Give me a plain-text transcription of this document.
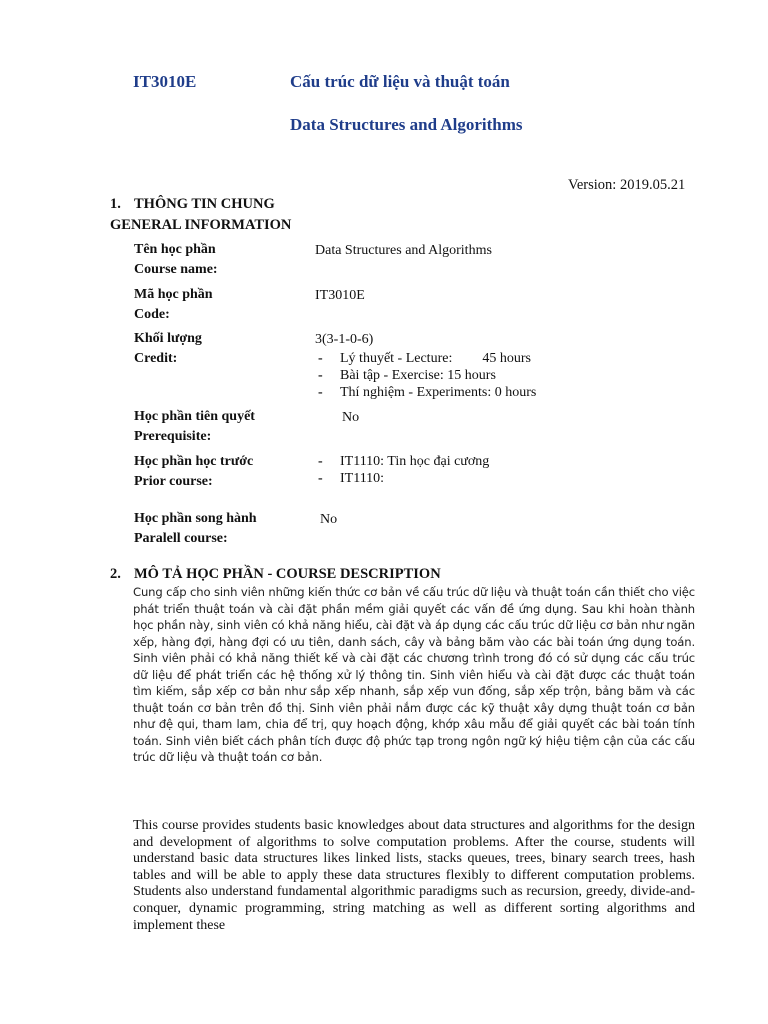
IT3010E	Cấu trúc dữ liệu và thuật toán
Data Structures and Algorithms
Version: 2019.05.21
1. THÔNG TIN CHUNG
GENERAL INFORMATION
Tên học phần
Course name:
Data Structures and Algorithms
Mã học phần
Code:
IT3010E
Khối lượng
Credit:
3(3-1-0-6)
-	Lý thuyết - Lecture: 45 hours
-	Bài tập - Exercise: 15 hours
-	Thí nghiệm - Experiments: 0 hours
Học phần tiên quyết
Prerequisite:
No
Học phần học trước
Prior course:
-	IT1110: Tin học đại cương
-	IT1110:
Học phần song hành
Paralell course:
No
2. MÔ TẢ HỌC PHẦN - COURSE DESCRIPTION
Cung cấp cho sinh viên những kiến thức cơ bản về cấu trúc dữ liệu và thuật toán cần thiết cho việc phát triển thuật toán và cài đặt phần mềm giải quyết các vấn đề ứng dụng. Sau khi hoàn thành học phần này, sinh viên có khả năng hiểu, cài đặt và áp dụng các cấu trúc dữ liệu cơ bản như ngăn xếp, hàng đợi, hàng đợi có ưu tiên, danh sách, cây và bảng băm vào các bài toán ứng dụng toán. Sinh viên phải có khả năng thiết kế và cài đặt các chương trình trong đó có sử dụng các cấu trúc dữ liệu để phát triển các hệ thống xử lý thông tin. Sinh viên hiểu và cài đặt được các thuật toán tìm kiếm, sắp xếp cơ bản như sắp xếp nhanh, sắp xếp vun đống, sắp xếp trộn, bảng băm và các thuật toán cơ bản trên đồ thị. Sinh viên phải nắm được các kỹ thuật xây dựng thuật toán cơ bản như đệ qui, tham lam, chia để trị, quy hoạch động, khớp xâu mẫu để giải quyết các bài toán tính toán. Sinh viên biết cách phân tích được độ phức tạp trong ngôn ngữ ký hiệu tiệm cận của các cấu trúc dữ liệu và thuật toán cơ bản.
This course provides students basic knowledges about data structures and algorithms for the design and development of algorithms to solve computation problems. After the course, students will understand basic data structures likes linked lists, stacks queues, trees, binary search trees, hash tables and will be able to apply these data structures flexibly to different computation problems. Students also understand fundamental algorithmic paradigms such as recursion, greedy, divide-and-conquer, dynamic programming, string matching as well as different sorting algorithms and implement these
